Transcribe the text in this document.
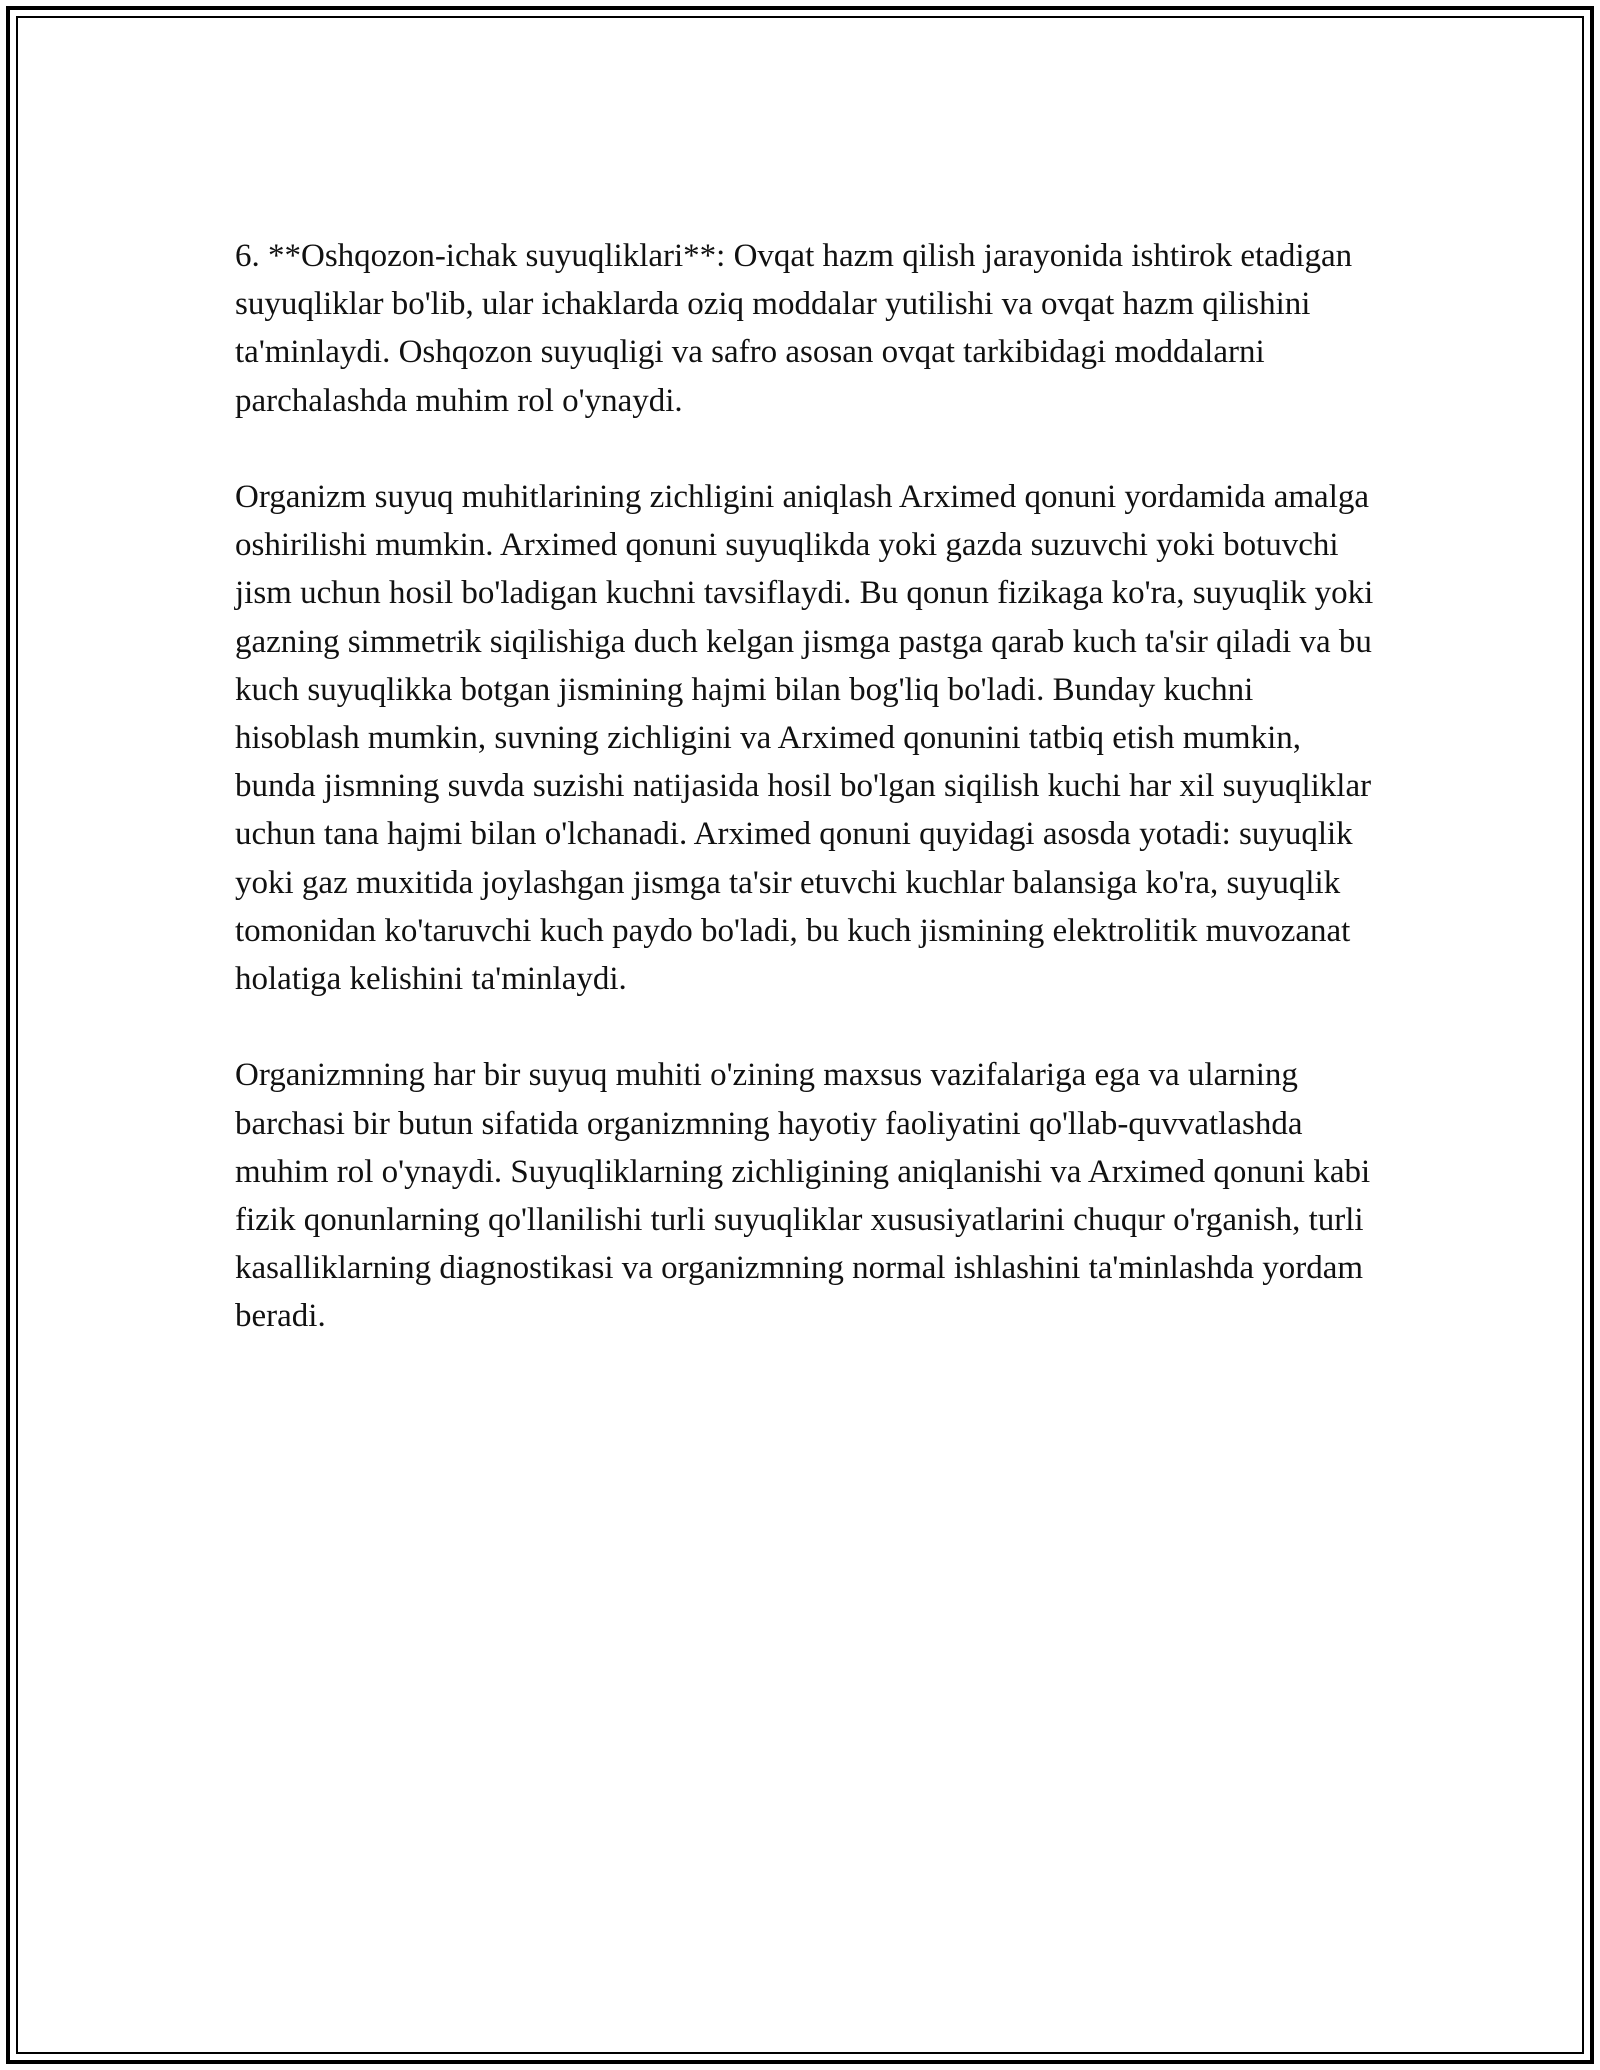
6. **Oshqozon-ichak suyuqliklari**: Ovqat hazm qilish jarayonida ishtirok etadigan suyuqliklar bo'lib, ular ichaklarda oziq moddalar yutilishi va ovqat hazm qilishini ta'minlaydi. Oshqozon suyuqligi va safro asosan ovqat tarkibidagi moddalarni parchalashda muhim rol o'ynaydi.

Organizm suyuq muhitlarining zichligini aniqlash Arximed qonuni yordamida amalga oshirilishi mumkin. Arximed qonuni suyuqlikda yoki gazda suzuvchi yoki botuvchi jism uchun hosil bo'ladigan kuchni tavsiflaydi. Bu qonun fizikaga ko'ra, suyuqlik yoki gazning simmetrik siqilishiga duch kelgan jismga pastga qarab kuch ta'sir qiladi va bu kuch suyuqlikka botgan jismining hajmi bilan bog'liq bo'ladi. Bunday kuchni hisoblash mumkin, suvning zichligini va Arximed qonunini tatbiq etish mumkin, bunda jismning suvda suzishi natijasida hosil bo'lgan siqilish kuchi har xil suyuqliklar uchun tana hajmi bilan o'lchanadi. Arximed qonuni quyidagi asosda yotadi: suyuqlik yoki gaz muxitida joylashgan jismga ta'sir etuvchi kuchlar balansiga ko'ra, suyuqlik tomonidan ko'taruvchi kuch paydo bo'ladi, bu kuch jismining elektrolitik muvozanat holatiga kelishini ta'minlaydi.

Organizmning har bir suyuq muhiti o'zining maxsus vazifalariga ega va ularning barchasi bir butun sifatida organizmning hayotiy faoliyatini qo'llab-quvvatlashda muhim rol o'ynaydi. Suyuqliklarning zichligining aniqlanishi va Arximed qonuni kabi fizik qonunlarning qo'llanilishi turli suyuqliklar xususiyatlarini chuqur o'rganish, turli kasalliklarning diagnostikasi va organizmning normal ishlashini ta'minlashda yordam beradi.
